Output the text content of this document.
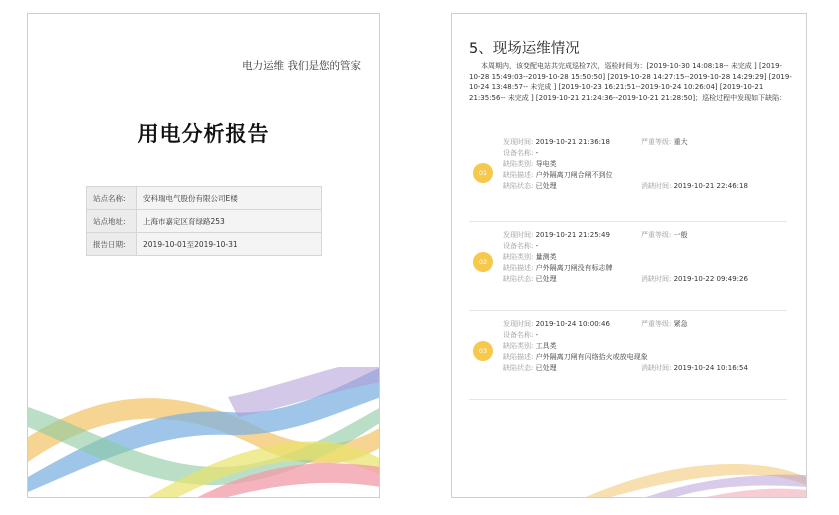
电力运维 我们是您的管家
用电分析报告
站点名称:	安科瑞电气股份有限公司E楼
站点地址:	上海市嘉定区育绿路253
报告日期:	2019-10-01至2019-10-31
5、现场运维情况
本周期内，该变配电站共完成巡检7次，巡检时间为：[2019-10-30 14:08:18-- 未完成 ] [2019-10-28 15:49:03--2019-10-28 15:50:50] [2019-10-28 14:27:15--2019-10-28 14:29:29] [2019-10-24 13:48:57-- 未完成 ] [2019-10-23 16:21:51--2019-10-24 10:26:04] [2019-10-21 21:35:56-- 未完成 ] [2019-10-21 21:24:36--2019-10-21 21:28:50]；巡检过程中发现如下缺陷：
01
发现时间: 2019-10-21 21:36:18	严重等级: 重大
设备名称: -
缺陷类别: 导电类
缺陷描述: 户外隔离刀闸合闸不到位
缺陷状态: 已处理	消缺时间: 2019-10-21 22:46:18
02
发现时间: 2019-10-21 21:25:49	严重等级: 一般
设备名称: -
缺陷类别: 量测类
缺陷描述: 户外隔离刀闸没有标志牌
缺陷状态: 已处理	消缺时间: 2019-10-22 09:49:26
03
发现时间: 2019-10-24 10:00:46	严重等级: 紧急
设备名称: -
缺陷类别: 工具类
缺陷描述: 户外隔离刀闸有闪络拾火或放电现象
缺陷状态: 已处理	消缺时间: 2019-10-24 10:16:54
